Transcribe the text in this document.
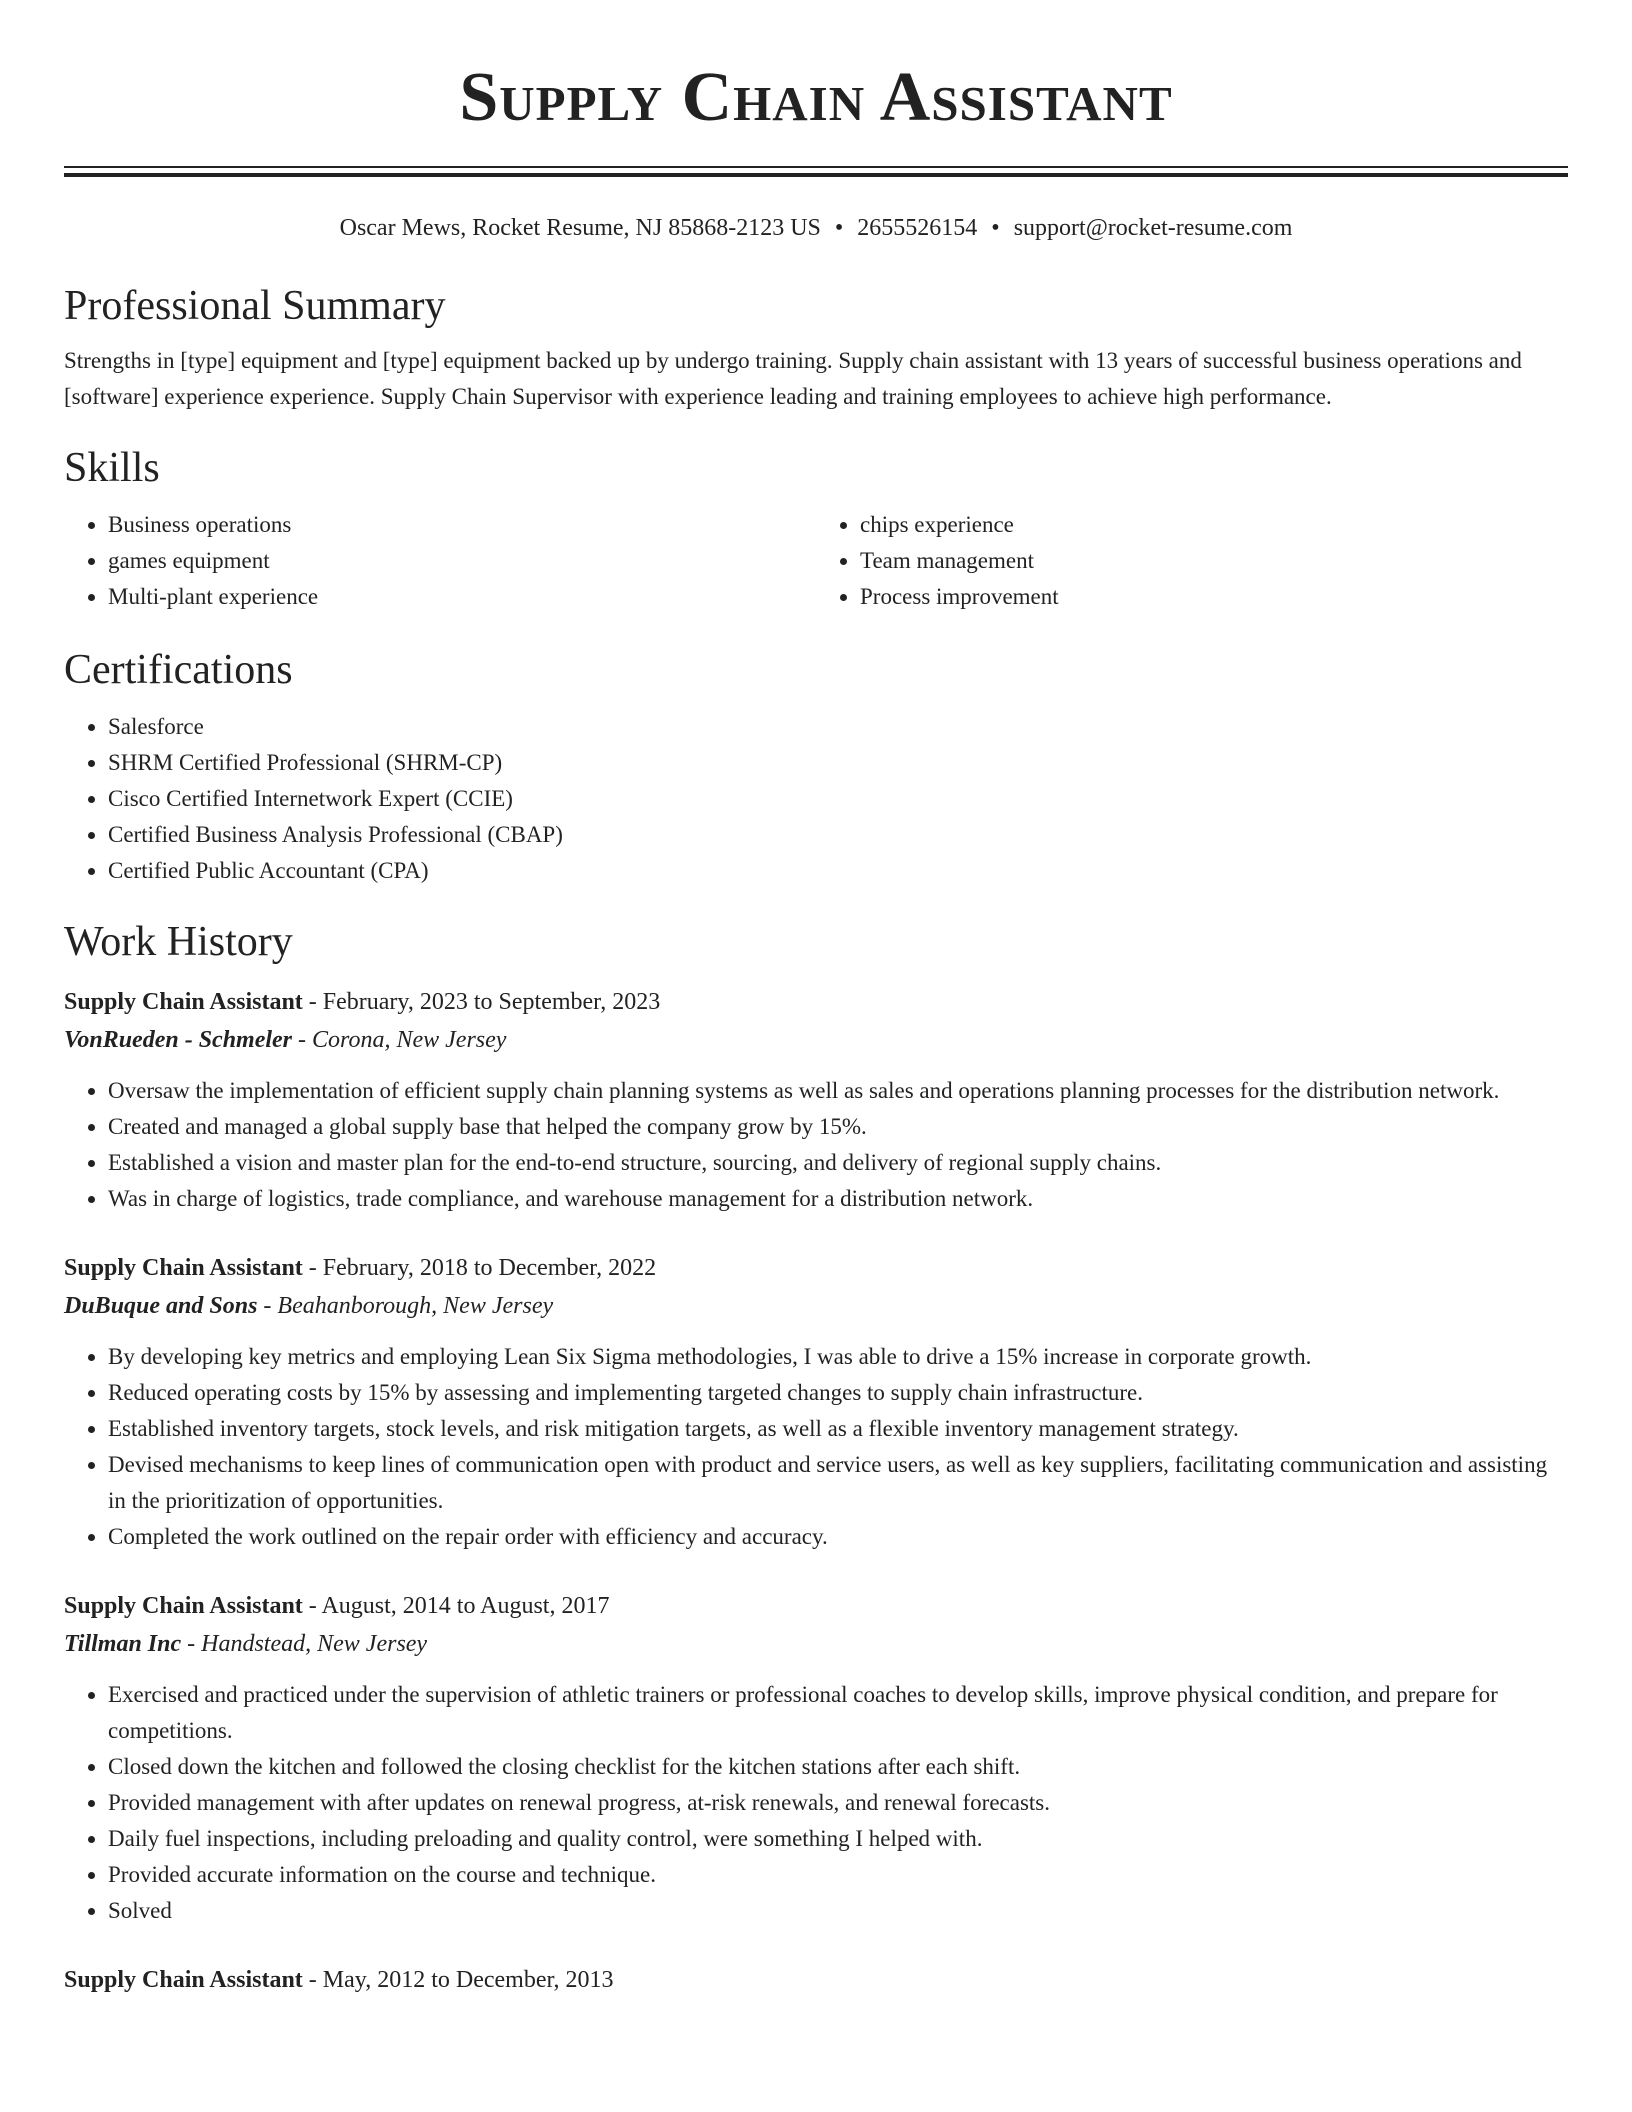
Supply Chain Assistant
Oscar Mews, Rocket Resume, NJ 85868-2123 US • 2655526154 • support@rocket-resume.com
Professional Summary

Strengths in [type] equipment and [type] equipment backed up by undergo training. Supply chain assistant with 13 years of successful business operations and [software] experience experience. Supply Chain Supervisor with experience leading and training employees to achieve high performance.

Skills
• Business operations
• games equipment
• Multi-plant experience
• chips experience
• Team management
• Process improvement
Certifications
• Salesforce
• SHRM Certified Professional (SHRM-CP)
• Cisco Certified Internetwork Expert (CCIE)
• Certified Business Analysis Professional (CBAP)
• Certified Public Accountant (CPA)
Work History
Supply Chain Assistant - February, 2023 to September, 2023
VonRueden - Schmeler - Corona, New Jersey
• Oversaw the implementation of efficient supply chain planning systems as well as sales and operations planning processes for the distribution network.
• Created and managed a global supply base that helped the company grow by 15%.
• Established a vision and master plan for the end-to-end structure, sourcing, and delivery of regional supply chains.
• Was in charge of logistics, trade compliance, and warehouse management for a distribution network.
Supply Chain Assistant - February, 2018 to December, 2022
DuBuque and Sons - Beahanborough, New Jersey
• By developing key metrics and employing Lean Six Sigma methodologies, I was able to drive a 15% increase in corporate growth.
• Reduced operating costs by 15% by assessing and implementing targeted changes to supply chain infrastructure.
• Established inventory targets, stock levels, and risk mitigation targets, as well as a flexible inventory management strategy.
• Devised mechanisms to keep lines of communication open with product and service users, as well as key suppliers, facilitating communication and assisting in the prioritization of opportunities.
• Completed the work outlined on the repair order with efficiency and accuracy.
Supply Chain Assistant - August, 2014 to August, 2017
Tillman Inc - Handstead, New Jersey
• Exercised and practiced under the supervision of athletic trainers or professional coaches to develop skills, improve physical condition, and prepare for competitions.
• Closed down the kitchen and followed the closing checklist for the kitchen stations after each shift.
• Provided management with after updates on renewal progress, at-risk renewals, and renewal forecasts.
• Daily fuel inspections, including preloading and quality control, were something I helped with.
• Provided accurate information on the course and technique.
• Solved
Supply Chain Assistant - May, 2012 to December, 2013
